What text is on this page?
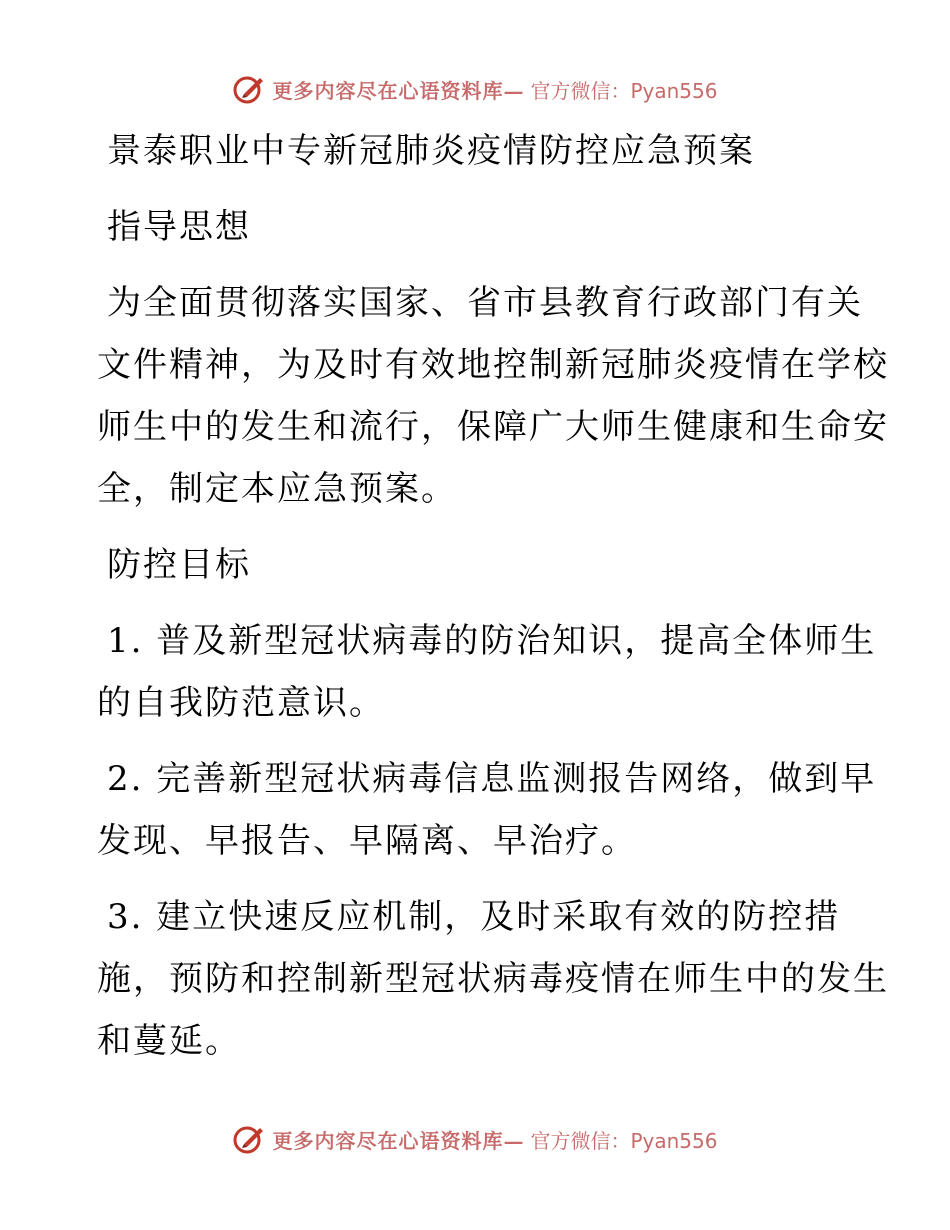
更多内容尽在心语资料库— 官方微信：Pyan556
景泰职业中专新冠肺炎疫情防控应急预案
指导思想
为全面贯彻落实国家、省市县教育行政部门有关
文件精神，为及时有效地控制新冠肺炎疫情在学校
师生中的发生和流行，保障广大师生健康和生命安
全，制定本应急预案。
防控目标
1. 普及新型冠状病毒的防治知识，提高全体师生
的自我防范意识。
2. 完善新型冠状病毒信息监测报告网络，做到早
发现、早报告、早隔离、早治疗。
3. 建立快速反应机制，及时采取有效的防控措
施，预防和控制新型冠状病毒疫情在师生中的发生
和蔓延。
更多内容尽在心语资料库— 官方微信：Pyan556
